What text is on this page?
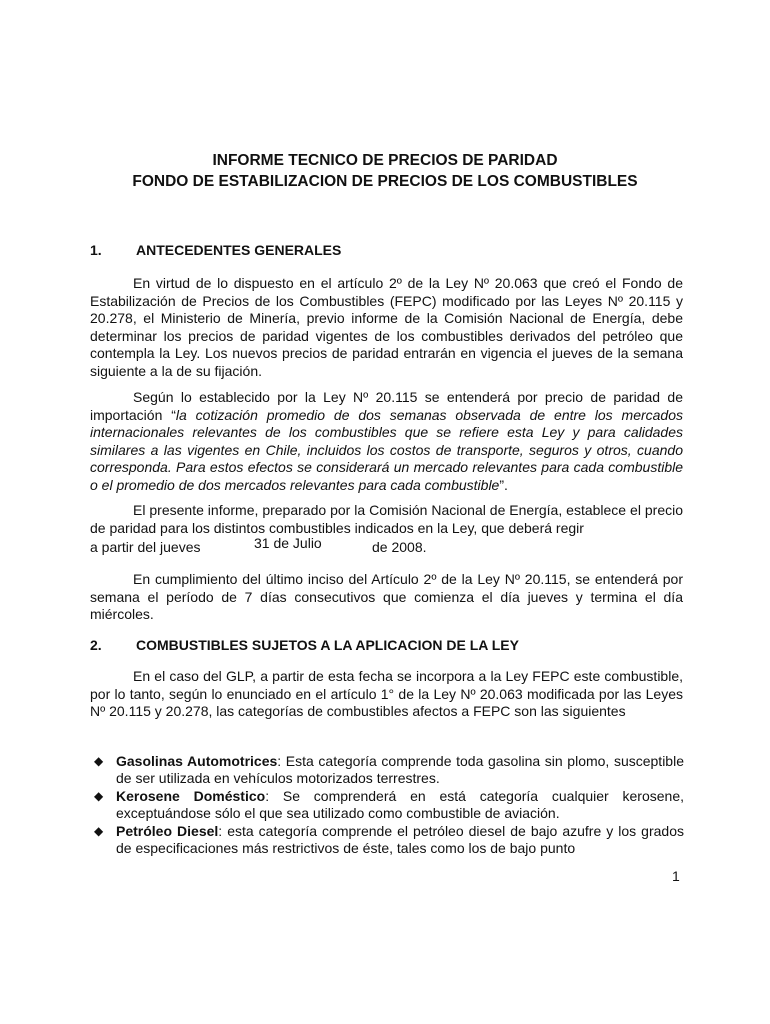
INFORME TECNICO DE PRECIOS DE PARIDAD
FONDO DE ESTABILIZACION DE PRECIOS DE LOS COMBUSTIBLES
1. ANTECEDENTES GENERALES

En virtud de lo dispuesto en el artículo 2º de la Ley Nº 20.063 que creó el Fondo de Estabilización de Precios de los Combustibles (FEPC) modificado por las Leyes Nº 20.115 y 20.278, el Ministerio de Minería, previo informe de la Comisión Nacional de Energía, debe determinar los precios de paridad vigentes de los combustibles derivados del petróleo que contempla la Ley. Los nuevos precios de paridad entrarán en vigencia el jueves de la semana siguiente a la de su fijación.

Según lo establecido por la Ley Nº 20.115 se entenderá por precio de paridad de importación “la cotización promedio de dos semanas observada de entre los mercados internacionales relevantes de los combustibles que se refiere esta Ley y para calidades similares a las vigentes en Chile, incluidos los costos de transporte, seguros y otros, cuando corresponda. Para estos efectos se considerará un mercado relevantes para cada combustible o el promedio de dos mercados relevantes para cada combustible”.

El presente informe, preparado por la Comisión Nacional de Energía, establece el precio de paridad para los distintos combustibles indicados en la Ley, que deberá regir

a partir del jueves	31 de Julio	de 2008.

En cumplimiento del último inciso del Artículo 2º de la Ley Nº 20.115, se entenderá por semana el período de 7 días consecutivos que comienza el día jueves y termina el día miércoles.

2. COMBUSTIBLES SUJETOS A LA APLICACION DE LA LEY

En el caso del GLP, a partir de esta fecha se incorpora a la Ley FEPC este combustible, por lo tanto, según lo enunciado en el artículo 1° de la Ley Nº 20.063 modificada por las Leyes Nº 20.115 y 20.278, las categorías de combustibles afectos a FEPC son las siguientes

◆ Gasolinas Automotrices: Esta categoría comprende toda gasolina sin plomo, susceptible de ser utilizada en vehículos motorizados terrestres.
◆ Kerosene Doméstico: Se comprenderá en está categoría cualquier kerosene, exceptuándose sólo el que sea utilizado como combustible de aviación.
◆ Petróleo Diesel: esta categoría comprende el petróleo diesel de bajo azufre y los grados de especificaciones más restrictivos de éste, tales como los de bajo punto
1
